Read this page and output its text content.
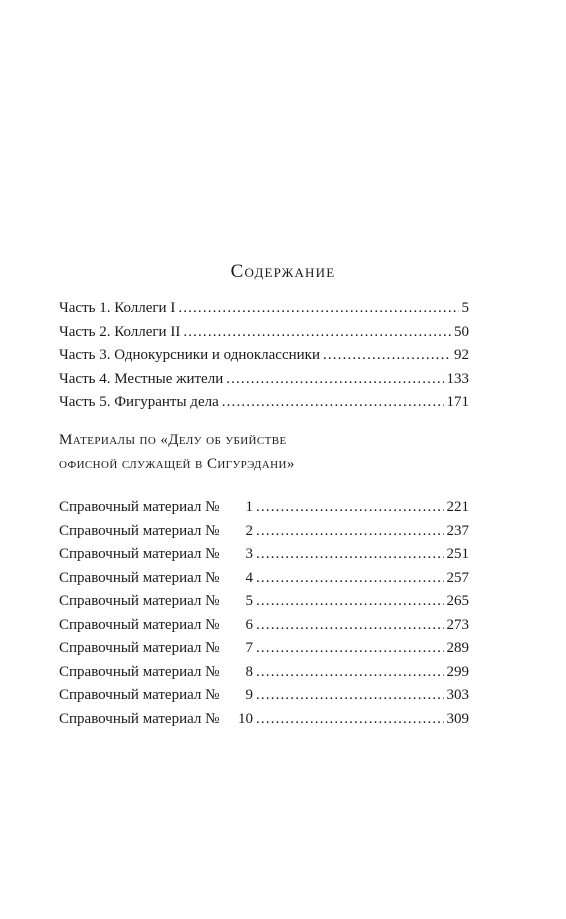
Содержание
Часть 1. Коллеги I . . .	5
Часть 2. Коллеги II . . .	50
Часть 3. Однокурсники и одноклассники . . .	92
Часть 4. Местные жители . . .	133
Часть 5. Фигуранты дела . . .	171
Материалы по «Делу об убийстве
офисной служащей в Сигурэдани»
Справочный материал №	1 . . .	221
Справочный материал №	2 . . .	237
Справочный материал №	3 . . .	251
Справочный материал №	4 . . .	257
Справочный материал №	5 . . .	265
Справочный материал №	6 . . .	273
Справочный материал №	7 . . .	289
Справочный материал №	8 . . .	299
Справочный материал №	9 . . .	303
Справочный материал №	10 . . .	309
